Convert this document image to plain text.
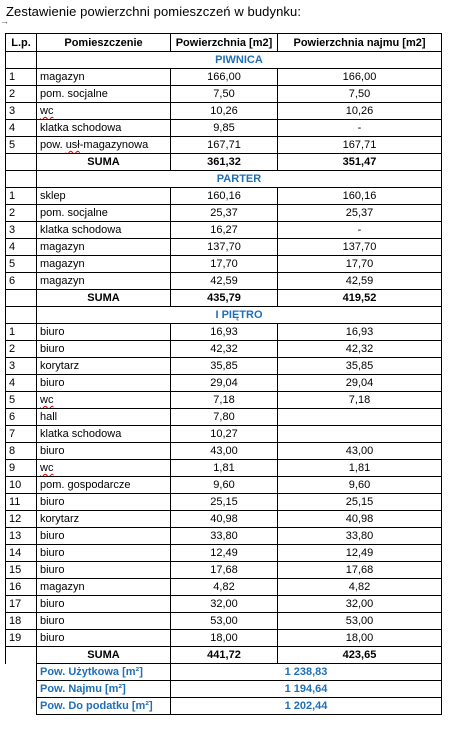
→
Zestawienie powierzchni pomieszczeń w budynku:
L.p.	Pomieszczenie	Powierzchnia [m2]	Powierzchnia najmu [m2]
	PIWNICA		
1	magazyn	166,00	166,00
2	pom. socjalne	7,50	7,50
3	wc	10,26	10,26
4	klatka schodowa	9,85	-
5	pow. usł-magazynowa	167,71	167,71
	SUMA	361,32	351,47
	PARTER		
1	sklep	160,16	160,16
2	pom. socjalne	25,37	25,37
3	klatka schodowa	16,27	-
4	magazyn	137,70	137,70
5	magazyn	17,70	17,70
6	magazyn	42,59	42,59
	SUMA	435,79	419,52
	I PIĘTRO		
1	biuro	16,93	16,93
2	biuro	42,32	42,32
3	korytarz	35,85	35,85
4	biuro	29,04	29,04
5	wc	7,18	7,18
6	hall	7,80	
7	klatka schodowa	10,27	
8	biuro	43,00	43,00
9	wc	1,81	1,81
10	pom. gospodarcze	9,60	9,60
11	biuro	25,15	25,15
12	korytarz	40,98	40,98
13	biuro	33,80	33,80
14	biuro	12,49	12,49
15	biuro	17,68	17,68
16	magazyn	4,82	4,82
17	biuro	32,00	32,00
18	biuro	53,00	53,00
19	biuro	18,00	18,00
	SUMA	441,72	423,65
	Pow. Użytkowa [m²]	1 238,83	
	Pow. Najmu [m²]	1 194,64	
	Pow. Do podatku [m²]	1 202,44	
